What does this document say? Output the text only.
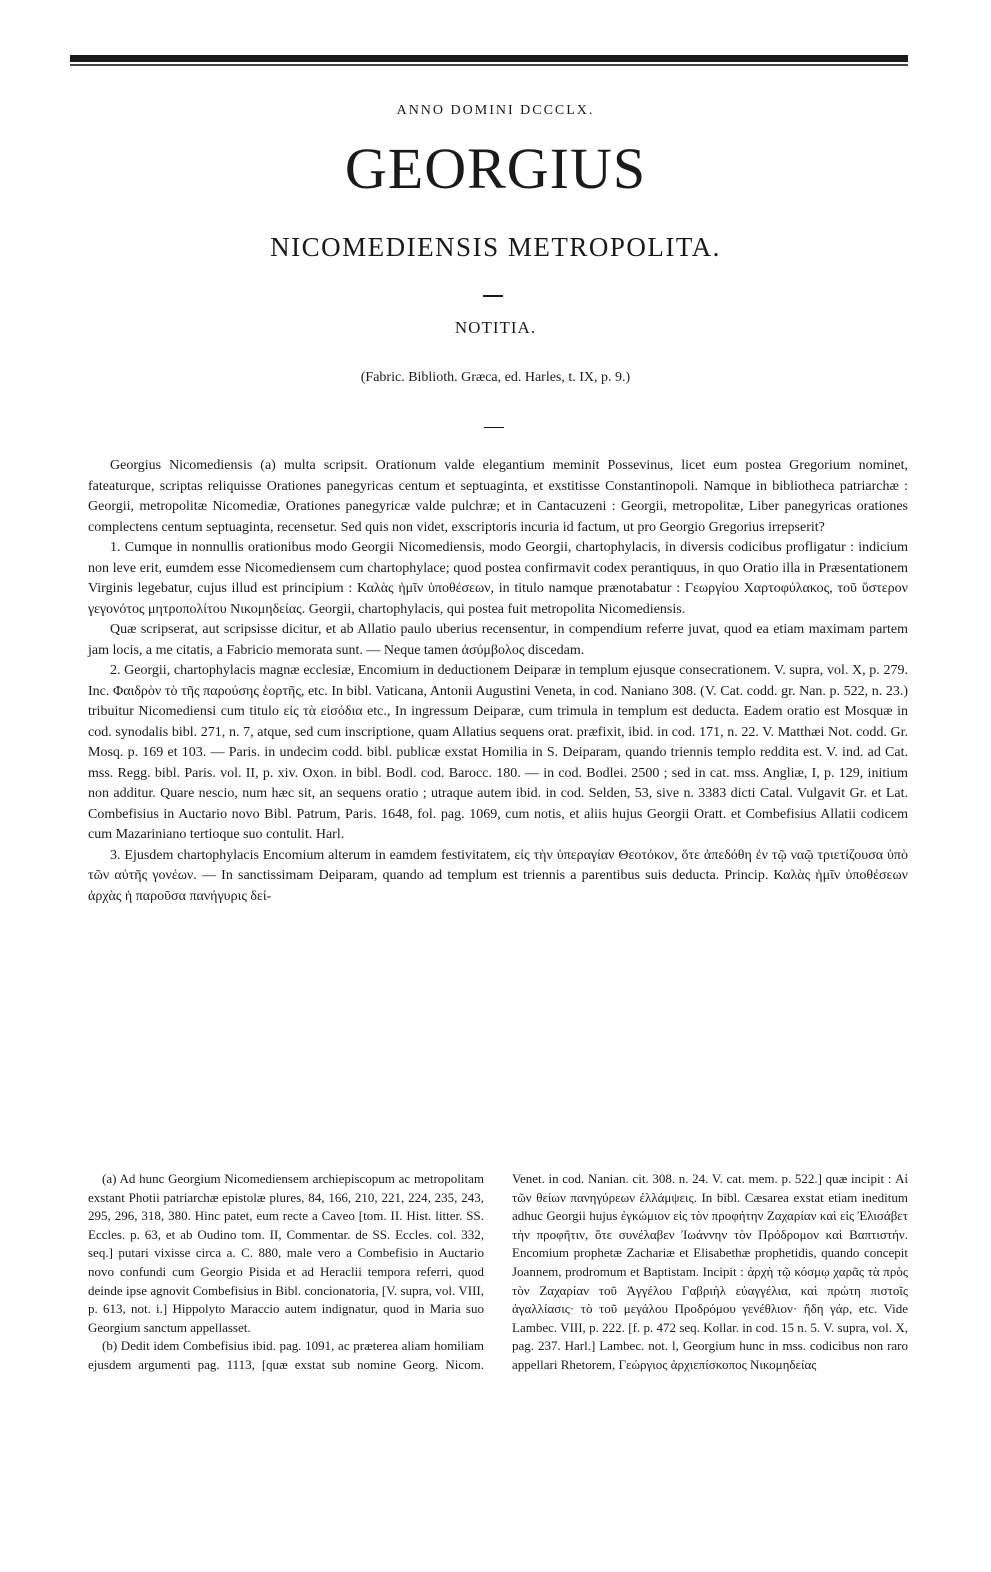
ANNO DOMINI DCCCLX.
GEORGIUS
NICOMEDIENSIS METROPOLITA.
NOTITIA.
(Fabric. Biblioth. Græca, ed. Harles, t. IX, p. 9.)

Georgius Nicomediensis (a) multa scripsit. Orationum valde elegantium meminit Possevinus, licet eum postea Gregorium nominet, fateaturque, scriptas reliquisse Orationes panegyricas centum et septuaginta, et exstitisse Constantinopoli. Namque in bibliotheca patriarchæ : Georgii, metropolitæ Nicomediæ, Orationes panegyricæ valde pulchræ; et in Cantacuzeni : Georgii, metropolitæ, Liber panegyricas orationes complectens centum septuaginta, recensetur. Sed quis non videt, exscriptoris incuria id factum, ut pro Georgio Gregorius irrepserit?

1. Cumque in nonnullis orationibus modo Georgii Nicomediensis, modo Georgii, chartophylacis, in diversis codicibus profligatur : indicium non leve erit, eumdem esse Nicomediensem cum chartophylace; quod postea confirmavit codex perantiquus, in quo Oratio illa in Præsentationem Virginis legebatur, cujus illud est principium : Καλὰς ἡμῖν ὑποθέσεων, in titulo namque prænotabatur : Γεωργίου Χαρτοφύλακος, τοῦ ὕστερον γεγονότος μητροπολίτου Νικομηδείας. Georgii, chartophylacis, qui postea fuit metropolita Nicomediensis.

Quæ scripserat, aut scripsisse dicitur, et ab Allatio paulo uberius recensentur, in compendium referre juvat, quod ea etiam maximam partem jam locis, a me citatis, a Fabricio memorata sunt. — Neque tamen ἀσύμβολος discedam.

2. Georgii, chartophylacis magnæ ecclesiæ, Encomium in deductionem Deiparæ in templum ejusque consecrationem. V. supra, vol. X, p. 279. Inc. Φαιδρὸν τὸ τῆς παρούσης ἑορτῆς, etc. In bibl. Vaticana, Antonii Augustini Veneta, in cod. Naniano 308. (V. Cat. codd. gr. Nan. p. 522, n. 23.) tribuitur Nicomediensi cum titulo εἰς τὰ εἰσόδια etc., In ingressum Deiparæ, cum trimula in templum est deducta. Eadem oratio est Mosquæ in cod. synodalis bibl. 271, n. 7, atque, sed cum inscriptione, quam Allatius sequens orat. præfixit, ibid. in cod. 171, n. 22. V. Matthæi Not. codd. Gr. Mosq. p. 169 et 103. — Paris. in undecim codd. bibl. publicæ exstat Homilia in S. Deiparam, quando triennis templo reddita est. V. ind. ad Cat. mss. Regg. bibl. Paris. vol. II, p. xiv. Oxon. in bibl. Bodl. cod. Barocc. 180. — in cod. Bodlei. 2500 ; sed in cat. mss. Angliæ, I, p. 129, initium non additur. Quare nescio, num hæc sit, an sequens oratio ; utraque autem ibid. in cod. Selden, 53, sive n. 3383 dicti Catal. Vulgavit Gr. et Lat. Combefisius in Auctario novo Bibl. Patrum, Paris. 1648, fol. pag. 1069, cum notis, et aliis hujus Georgii Oratt. et Combefisius Allatii codicem cum Mazariniano tertioque suo contulit. Harl.

3. Ejusdem chartophylacis Encomium alterum in eamdem festivitatem, εἰς τὴν ὑπεραγίαν Θεοτόκον, ὅτε ἀπεδόθη ἐν τῷ ναῷ τριετίζουσα ὑπὸ τῶν αὐτῆς γονέων. — In sanctissimam Deiparam, quando ad templum est triennis a parentibus suis deducta. Princip. Καλὰς ἡμῖν ὑποθέσεων ἀρχὰς ἡ παροῦσα πανήγυρις δεί-

(a) Ad hunc Georgium Nicomediensem archiepiscopum ac metropolitam exstant Photii patriarchæ epistolæ plures, 84, 166, 210, 221, 224, 235, 243, 295, 296, 318, 380. Hinc patet, eum recte a Caveo [tom. II. Hist. litter. SS. Eccles. p. 63, et ab Oudino tom. II, Commentar. de SS. Eccles. col. 332, seq.] putari vixisse circa a. C. 880, male vero a Combefisio in Auctario novo confundi cum Georgio Pisida et ad Heraclii tempora referri, quod deinde ipse agnovit Combefisius in Bibl. concionatoria, [V. supra, vol. VIII, p. 613, not. i.] Hippolyto Maraccio autem indignatur, quod in Maria suo Georgium sanctum appellasset.

(b) Dedit idem Combefisius ibid. pag. 1091, ac præterea aliam homiliam ejusdem argumenti pag. 1113, [quæ exstat sub nomine Georg. Nicom. Venet. in cod. Nanian. cit. 308. n. 24. V. cat. mem. p. 522.] quæ incipit : Αἱ τῶν θείων πανηγύρεων ἐλλάμψεις. In bibl. Cæsarea exstat etiam ineditum adhuc Georgii hujus ἐγκώμιον εἰς τὸν προφήτην Ζαχαρίαν καὶ εἰς Ἐλισάβετ τὴν προφῆτιν, ὅτε συνέλαβεν Ἰωάννην τὸν Πρόδρομον καὶ Βαπτιστήν. Encomium prophetæ Zachariæ et Elisabethæ prophetidis, quando concepit Joannem, prodromum et Baptistam. Incipit : ἀρχὴ τῷ κόσμῳ χαρᾶς τὰ πρὸς τὸν Ζαχαρίαν τοῦ Ἀγγέλου Γαβριὴλ εὐαγγέλια, καὶ πρώτη πιστοῖς ἀγαλλίασις· τὸ τοῦ μεγάλου Προδρόμου γενέθλιον· ἤδη γάρ, etc. Vide Lambec. VIII, p. 222. [f. p. 472 seq. Kollar. in cod. 15 n. 5. V. supra, vol. X, pag. 237. Harl.] Lambec. not. l, Georgium hunc in mss. codicibus non raro appellari Rhetorem, Γεώργιος ἀρχιεπίσκοπος Νικομηδείας
